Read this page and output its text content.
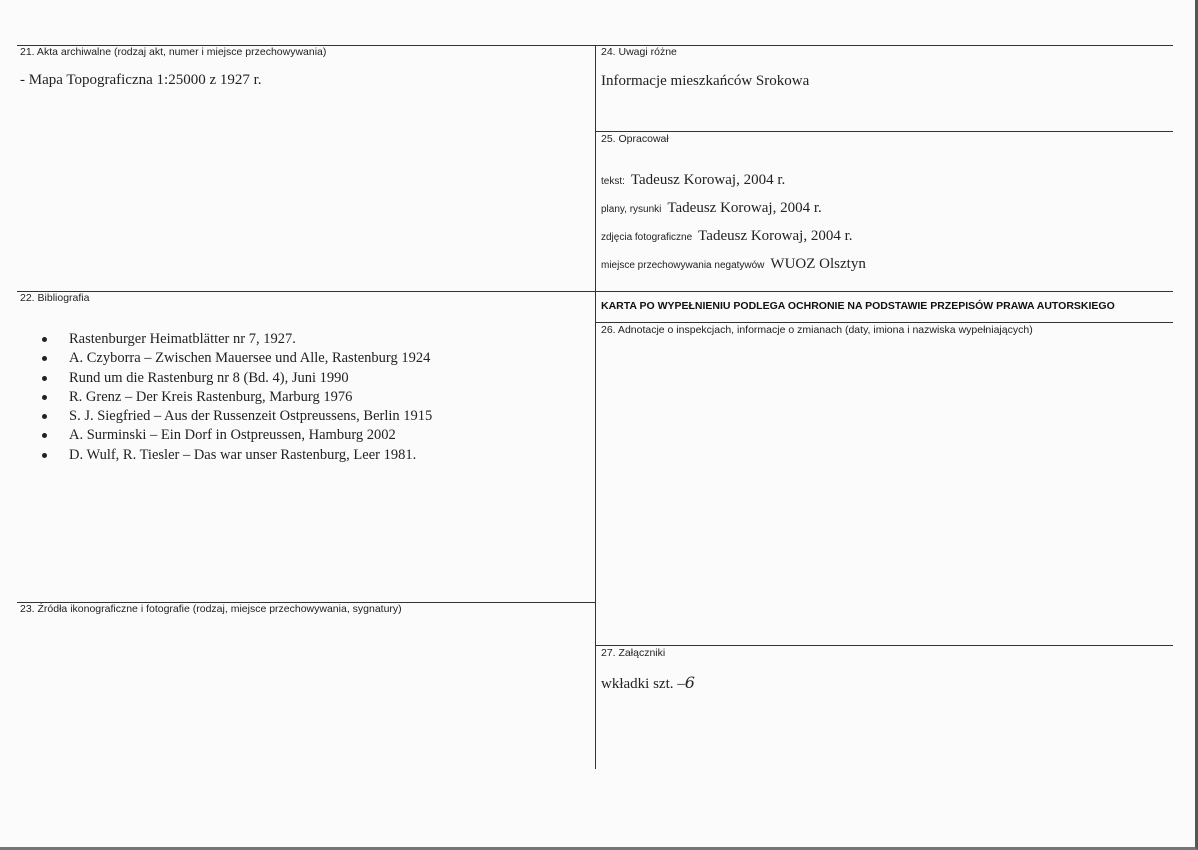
21. Akta archiwalne (rodzaj akt, numer i miejsce przechowywania)
- Mapa Topograficzna 1:25000 z 1927 r.
22. Bibliografia
Rastenburger Heimatblätter nr 7, 1927.
A. Czyborra – Zwischen Mauersee und Alle, Rastenburg 1924
Rund um die Rastenburg nr 8 (Bd. 4), Juni 1990
R. Grenz – Der Kreis Rastenburg, Marburg 1976
S. J. Siegfried – Aus der Russenzeit Ostpreussens, Berlin 1915
A. Surminski – Ein Dorf in Ostpreussen, Hamburg 2002
D. Wulf, R. Tiesler – Das war unser Rastenburg, Leer 1981.
23. Źródła ikonograficzne i fotografie (rodzaj, miejsce przechowywania, sygnatury)
24. Uwagi różne
Informacje mieszkańców Srokowa
25. Opracował
tekst: Tadeusz Korowaj, 2004 r.
plany, rysunki Tadeusz Korowaj, 2004 r.
zdjęcia fotograficzne Tadeusz Korowaj, 2004 r.
miejsce przechowywania negatywów WUOZ Olsztyn
KARTA PO WYPEŁNIENIU PODLEGA OCHRONIE NA PODSTAWIE PRZEPISÓW PRAWA AUTORSKIEGO
26. Adnotacje o inspekcjach, informacje o zmianach (daty, imiona i nazwiska wypełniających)
27. Załączniki
wkładki szt. –6
